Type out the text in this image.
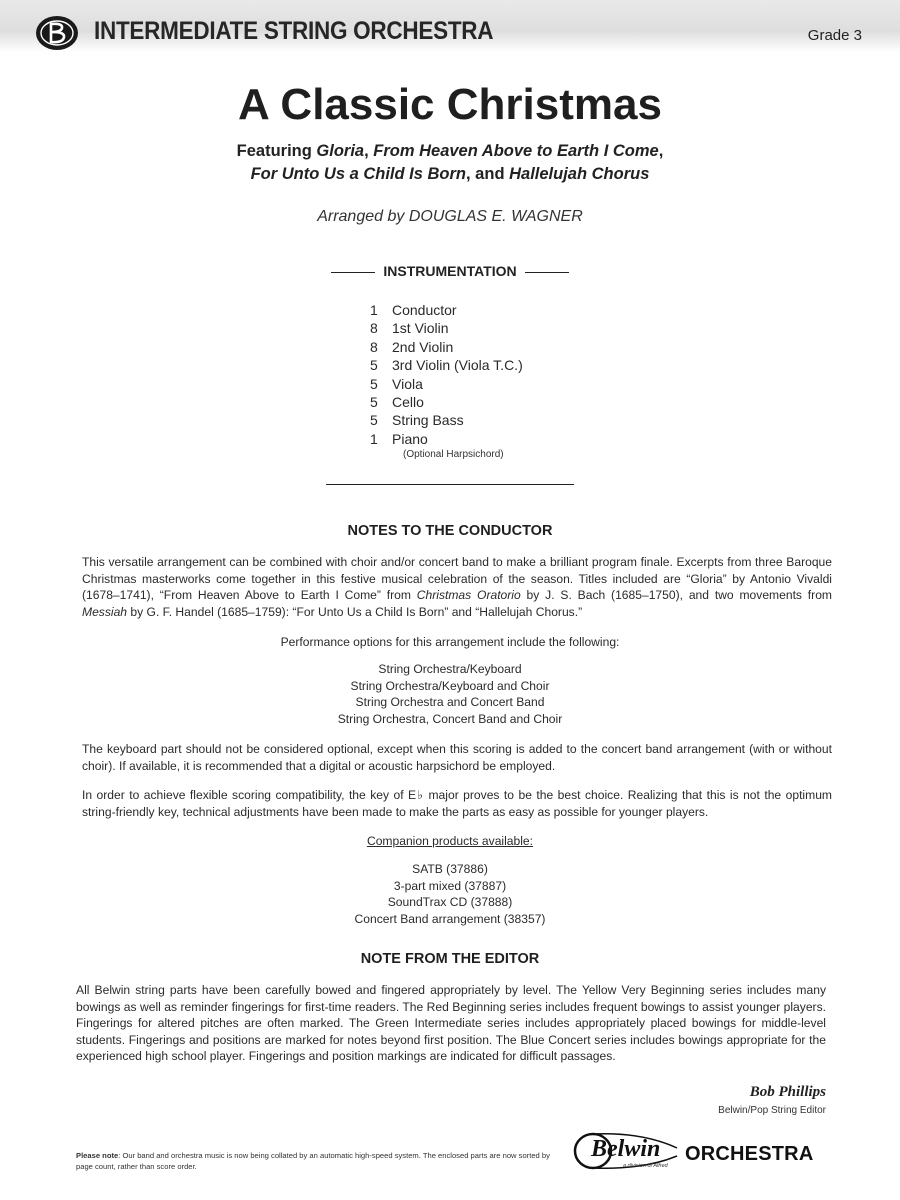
INTERMEDIATE STRING ORCHESTRA	Grade 3
A Classic Christmas
Featuring Gloria, From Heaven Above to Earth I Come,
For Unto Us a Child Is Born, and Hallelujah Chorus
Arranged by DOUGLAS E. WAGNER
INSTRUMENTATION
1 Conductor
8 1st Violin
8 2nd Violin
5 3rd Violin (Viola T.C.)
5 Viola
5 Cello
5 String Bass
1 Piano
(Optional Harpsichord)
NOTES TO THE CONDUCTOR
This versatile arrangement can be combined with choir and/or concert band to make a brilliant program finale. Excerpts from three Baroque Christmas masterworks come together in this festive musical celebration of the season. Titles included are “Gloria” by Antonio Vivaldi (1678–1741), “From Heaven Above to Earth I Come” from Christmas Oratorio by J. S. Bach (1685–1750), and two movements from Messiah by G. F. Handel (1685–1759): “For Unto Us a Child Is Born” and “Hallelujah Chorus.”
Performance options for this arrangement include the following:
String Orchestra/Keyboard
String Orchestra/Keyboard and Choir
String Orchestra and Concert Band
String Orchestra, Concert Band and Choir
The keyboard part should not be considered optional, except when this scoring is added to the concert band arrangement (with or without choir). If available, it is recommended that a digital or acoustic harpsichord be employed.
In order to achieve flexible scoring compatibility, the key of E♭ major proves to be the best choice. Realizing that this is not the optimum string-friendly key, technical adjustments have been made to make the parts as easy as possible for younger players.
Companion products available:
SATB (37886)
3-part mixed (37887)
SoundTrax CD (37888)
Concert Band arrangement (38357)
NOTE FROM THE EDITOR
All Belwin string parts have been carefully bowed and fingered appropriately by level. The Yellow Very Beginning series includes many bowings as well as reminder fingerings for first-time readers. The Red Beginning series includes frequent bowings to assist younger players. Fingerings for altered pitches are often marked. The Green Intermediate series includes appropriately placed bowings for middle-level students. Fingerings and positions are marked for notes beyond first position. The Blue Concert series includes bowings appropriate for the experienced high school player. Fingerings and position markings are indicated for difficult passages.
Bob Phillips
Belwin/Pop String Editor
Please note: Our band and orchestra music is now being collated by an automatic high-speed system. The enclosed parts are now sorted by page count, rather than score order.
Belwin
a division of Alfred
ORCHESTRA
